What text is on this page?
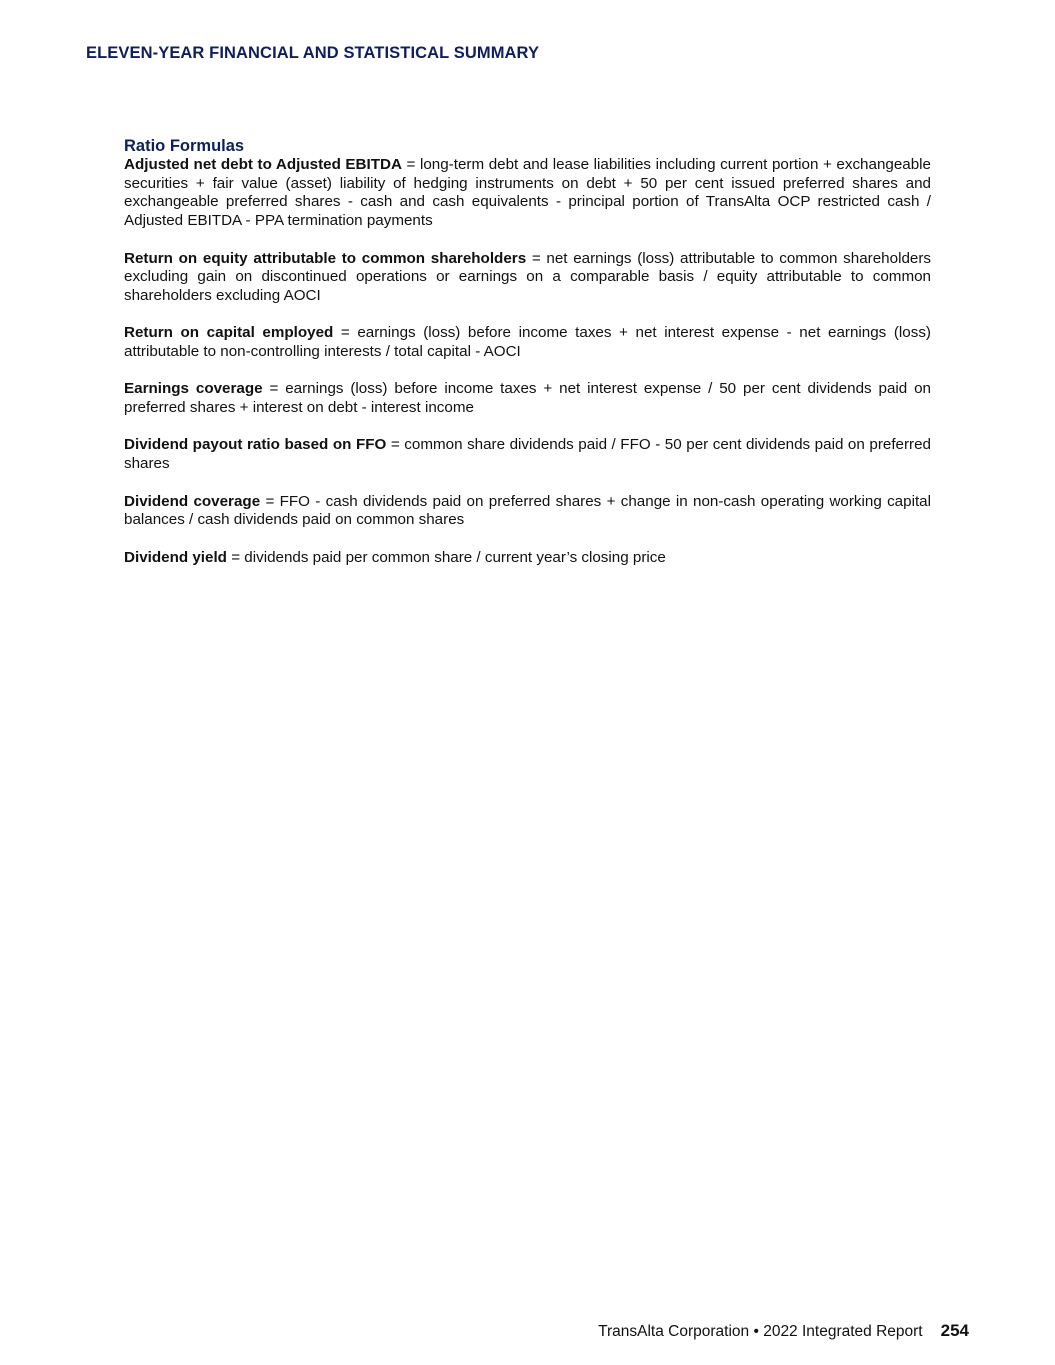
ELEVEN-YEAR FINANCIAL AND STATISTICAL SUMMARY
Ratio Formulas

Adjusted net debt to Adjusted EBITDA = long-term debt and lease liabilities including current portion + exchangeable securities + fair value (asset) liability of hedging instruments on debt + 50 per cent issued preferred shares and exchangeable preferred shares - cash and cash equivalents - principal portion of TransAlta OCP restricted cash / Adjusted EBITDA - PPA termination payments

Return on equity attributable to common shareholders = net earnings (loss) attributable to common shareholders excluding gain on discontinued operations or earnings on a comparable basis / equity attributable to common shareholders excluding AOCI

Return on capital employed = earnings (loss) before income taxes + net interest expense - net earnings (loss) attributable to non-controlling interests / total capital - AOCI

Earnings coverage = earnings (loss) before income taxes + net interest expense / 50 per cent dividends paid on preferred shares + interest on debt - interest income

Dividend payout ratio based on FFO = common share dividends paid / FFO - 50 per cent dividends paid on preferred shares

Dividend coverage = FFO - cash dividends paid on preferred shares + change in non-cash operating working capital balances / cash dividends paid on common shares

Dividend yield = dividends paid per common share / current year’s closing price

TransAlta Corporation • 2022 Integrated Report 254
